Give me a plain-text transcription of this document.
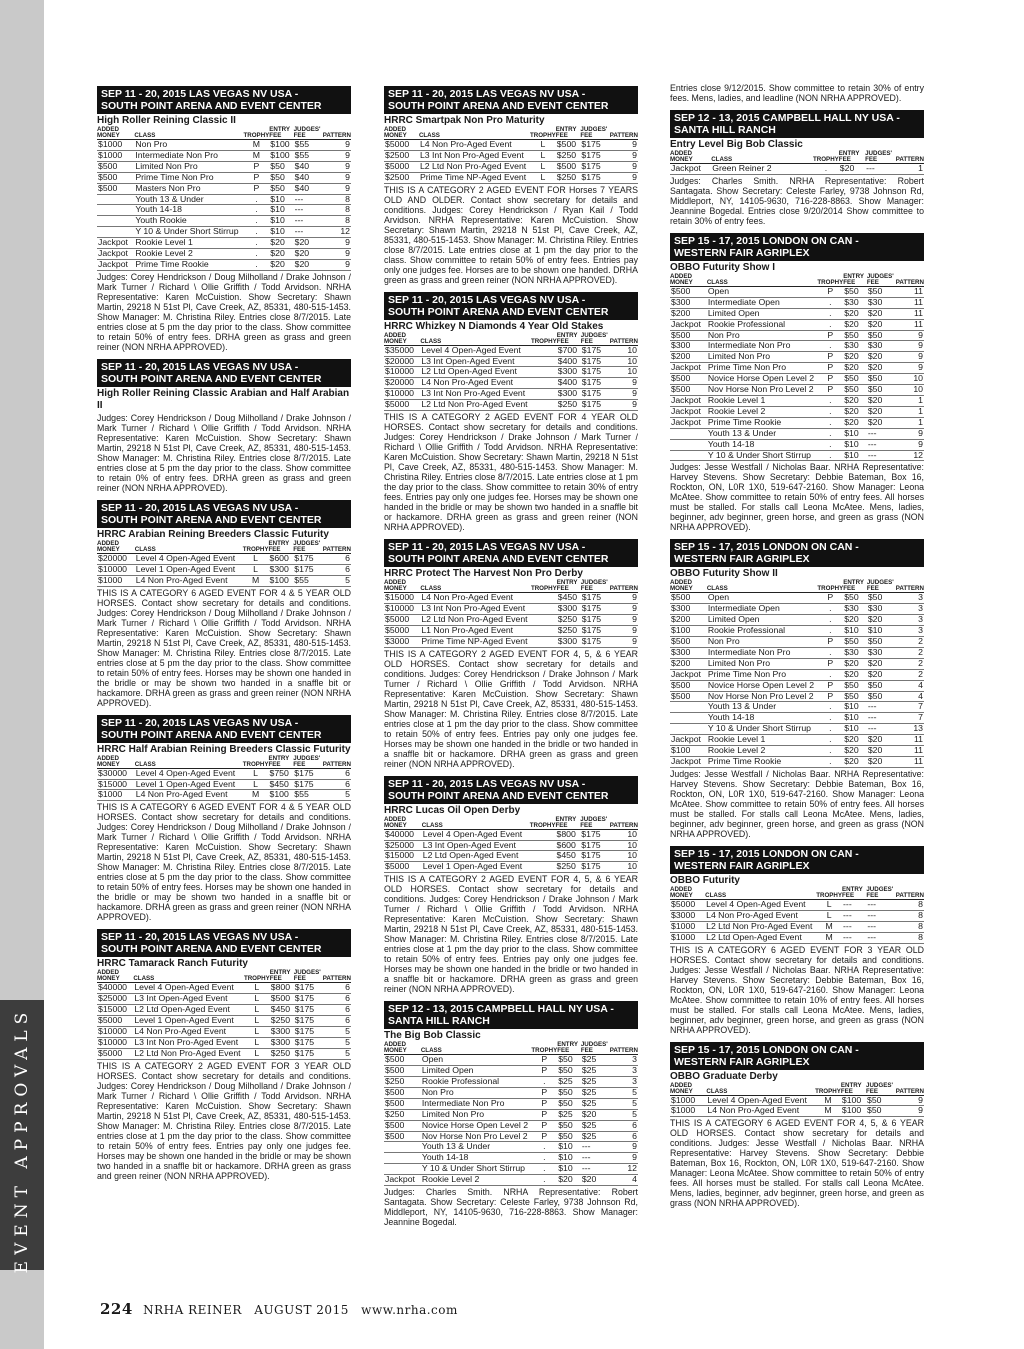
EVENT APPROVALS
SEP 11 - 20, 2015 LAS VEGAS NV USA -
SOUTH POINT ARENA AND EVENT CENTER
High Roller Reining Classic II
ADDED MONEY	CLASS	TROPHY	ENTRY FEE	JUDGES' FEE	PATTERN
$1000	Non Pro	M	$100	$55	9
$1000	Intermediate Non Pro	M	$100	$55	9
$500	Limited Non Pro	P	$50	$40	9
$500	Prime Time Non Pro	P	$50	$40	9
$500	Masters Non Pro	P	$50	$40	9
	Youth 13 & Under	.	$10	---	8
	Youth 14-18	.	$10	---	8
	Youth Rookie	.	$10	---	8
	Y 10 & Under Short Stirrup	.	$10	---	12
Jackpot	Rookie Level 1	.	$20	$20	9
Jackpot	Rookie Level 2	.	$20	$20	9
Jackpot	Prime Time Rookie	.	$20	$20	9
Judges: Corey Hendrickson / Doug Milholland / Drake Johnson / Mark Turner / Richard \ Ollie Griffith / Todd Arvidson. NRHA Representative: Karen McCuistion. Show Secretary: Shawn Martin, 29218 N 51st Pl, Cave Creek, AZ, 85331, 480-515-1453. Show Manager: M. Christina Riley. Entries close 8/7/2015. Late entries close at 5 pm the day prior to the class. Show committee to retain 50% of entry fees. DRHA green as grass and green reiner (NON NRHA APPROVED).
SEP 11 - 20, 2015 LAS VEGAS NV USA -
SOUTH POINT ARENA AND EVENT CENTER
High Roller Reining Classic Arabian and Half Arabian II
Judges: Corey Hendrickson / Doug Milholland / Drake Johnson / Mark Turner / Richard \ Ollie Griffith / Todd Arvidson. NRHA Representative: Karen McCuistion. Show Secretary: Shawn Martin, 29218 N 51st Pl, Cave Creek, AZ, 85331, 480-515-1453. Show Manager: M. Christina Riley. Entries close 8/7/2015. Late entries close at 5 pm the day prior to the class. Show committee to retain 0% of entry fees. DRHA green as grass and green reiner (NON NRHA APPROVED).
SEP 11 - 20, 2015 LAS VEGAS NV USA -
SOUTH POINT ARENA AND EVENT CENTER
HRRC Arabian Reining Breeders Classic Futurity
ADDED MONEY	CLASS	TROPHY	ENTRY FEE	JUDGES' FEE	PATTERN
$20000	Level 4 Open-Aged Event	L	$600	$175	6
$10000	Level 1 Open-Aged Event	L	$300	$175	6
$1000	L4 Non Pro-Aged Event	M	$100	$55	5
THIS IS A CATEGORY 6 AGED EVENT FOR 4 & 5 YEAR OLD HORSES. Contact show secretary for details and conditions. Judges: Corey Hendrickson / Doug Milholland / Drake Johnson / Mark Turner / Richard \ Ollie Griffith / Todd Arvidson. NRHA Representative: Karen McCuistion. Show Secretary: Shawn Martin, 29218 N 51st Pl, Cave Creek, AZ, 85331, 480-515-1453. Show Manager: M. Christina Riley. Entries close 8/7/2015. Late entries close at 5 pm the day prior to the class. Show committee to retain 50% of entry fees. Horses may be shown one handed in the bridle or may be shown two handed in a snaffle bit or hackamore. DRHA green as grass and green reiner (NON NRHA APPROVED).
SEP 11 - 20, 2015 LAS VEGAS NV USA -
SOUTH POINT ARENA AND EVENT CENTER
HRRC Half Arabian Reining Breeders Classic Futurity
ADDED MONEY	CLASS	TROPHY	ENTRY FEE	JUDGES' FEE	PATTERN
$30000	Level 4 Open-Aged Event	L	$750	$175	6
$15000	Level 1 Open-Aged Event	L	$450	$175	6
$1000	L4 Non Pro-Aged Event	M	$100	$55	5
THIS IS A CATEGORY 6 AGED EVENT FOR 4 & 5 YEAR OLD HORSES. Contact show secretary for details and conditions. Judges: Corey Hendrickson / Doug Milholland / Drake Johnson / Mark Turner / Richard \ Ollie Griffith / Todd Arvidson. NRHA Representative: Karen McCuistion. Show Secretary: Shawn Martin, 29218 N 51st Pl, Cave Creek, AZ, 85331, 480-515-1453. Show Manager: M. Christina Riley. Entries close 8/7/2015. Late entries close at 5 pm the day prior to the class. Show committee to retain 50% of entry fees. Horses may be shown one handed in the bridle or may be shown two handed in a snaffle bit or hackamore. DRHA green as grass and green reiner (NON NRHA APPROVED).
SEP 11 - 20, 2015 LAS VEGAS NV USA -
SOUTH POINT ARENA AND EVENT CENTER
HRRC Tamarack Ranch Futurity
ADDED MONEY	CLASS	TROPHY	ENTRY FEE	JUDGES' FEE	PATTERN
$40000	Level 4 Open-Aged Event	L	$800	$175	6
$25000	L3 Int Open-Aged Event	L	$500	$175	6
$15000	L2 Ltd Open-Aged Event	L	$450	$175	6
$5000	Level 1 Open-Aged Event	L	$250	$175	6
$10000	L4 Non Pro-Aged Event	L	$300	$175	5
$10000	L3 Int Non Pro-Aged Event	L	$300	$175	5
$5000	L2 Ltd Non Pro-Aged Event	L	$250	$175	5
THIS IS A CATEGORY 2 AGED EVENT FOR 3 YEAR OLD HORSES. Contact show secretary for details and conditions. Judges: Corey Hendrickson / Doug Milholland / Drake Johnson / Mark Turner / Richard \ Ollie Griffith / Todd Arvidson. NRHA Representative: Karen McCuistion. Show Secretary: Shawn Martin, 29218 N 51st Pl, Cave Creek, AZ, 85331, 480-515-1453. Show Manager: M. Christina Riley. Entries close 8/7/2015. Late entries close at 1 pm the day prior to the class. Show committee to retain 50% of entry fees. Entries pay only one judges fee. Horses may be shown one handed in the bridle or may be shown two handed in a snaffle bit or hackamore. DRHA green as grass and green reiner (NON NRHA APPROVED).
SEP 11 - 20, 2015 LAS VEGAS NV USA -
SOUTH POINT ARENA AND EVENT CENTER
HRRC Smartpak Non Pro Maturity
ADDED MONEY	CLASS	TROPHY	ENTRY FEE	JUDGES' FEE	PATTERN
$5000	L4 Non Pro-Aged Event	L	$500	$175	9
$2500	L3 Int Non Pro-Aged Event	L	$250	$175	9
$5000	L2 Ltd Non Pro-Aged Event	L	$500	$175	9
$2500	Prime Time NP-Aged Event	L	$250	$175	9
THIS IS A CATEGORY 2 AGED EVENT FOR Horses 7 YEARS OLD AND OLDER. Contact show secretary for details and conditions. Judges: Corey Hendrickson / Ryan Kail / Todd Arvidson. NRHA Representative: Karen McCuistion. Show Secretary: Shawn Martin, 29218 N 51st Pl, Cave Creek, AZ, 85331, 480-515-1453. Show Manager: M. Christina Riley. Entries close 8/7/2015. Late entries close at 1 pm the day prior to the class. Show committee to retain 50% of entry fees. Entries pay only one judges fee. Horses are to be shown one handed. DRHA green as grass and green reiner (NON NRHA APPROVED).
SEP 11 - 20, 2015 LAS VEGAS NV USA -
SOUTH POINT ARENA AND EVENT CENTER
HRRC Whizkey N Diamonds 4 Year Old Stakes
ADDED MONEY	CLASS	TROPHY	ENTRY FEE	JUDGES' FEE	PATTERN
$35000	Level 4 Open-Aged Event		$700	$175	10
$20000	L3 Int Open-Aged Event		$400	$175	10
$10000	L2 Ltd Open-Aged Event		$300	$175	10
$20000	L4 Non Pro-Aged Event		$400	$175	9
$10000	L3 Int Non Pro-Aged Event		$300	$175	9
$5000	L2 Ltd Non Pro-Aged Event		$250	$175	9
THIS IS A CATEGORY 2 AGED EVENT FOR 4 YEAR OLD HORSES. Contact show secretary for details and conditions. Judges: Corey Hendrickson / Drake Johnson / Mark Turner / Richard \ Ollie Griffith / Todd Arvidson. NRHA Representative: Karen McCuistion. Show Secretary: Shawn Martin, 29218 N 51st Pl, Cave Creek, AZ, 85331, 480-515-1453. Show Manager: M. Christina Riley. Entries close 8/7/2015. Late entries close at 1 pm the day prior to the class. Show committee to retain 30% of entry fees. Entries pay only one judges fee. Horses may be shown one handed in the bridle or may be shown two handed in a snaffle bit or hackamore. DRHA green as grass and green reiner (NON NRHA APPROVED).
SEP 11 - 20, 2015 LAS VEGAS NV USA -
SOUTH POINT ARENA AND EVENT CENTER
HRRC Protect The Harvest Non Pro Derby
ADDED MONEY	CLASS	TROPHY	ENTRY FEE	JUDGES' FEE	PATTERN
$15000	L4 Non Pro-Aged Event		$450	$175	9
$10000	L3 Int Non Pro-Aged Event		$300	$175	9
$5000	L2 Ltd Non Pro-Aged Event		$250	$175	9
$5000	L1 Non Pro-Aged Event		$250	$175	9
$3000	Prime Time NP-Aged Event		$300	$175	9
THIS IS A CATEGORY 2 AGED EVENT FOR 4, 5, & 6 YEAR OLD HORSES. Contact show secretary for details and conditions. Judges: Corey Hendrickson / Drake Johnson / Mark Turner / Richard \ Ollie Griffith / Todd Arvidson. NRHA Representative: Karen McCuistion. Show Secretary: Shawn Martin, 29218 N 51st Pl, Cave Creek, AZ, 85331, 480-515-1453. Show Manager: M. Christina Riley. Entries close 8/7/2015. Late entries close at 1 pm the day prior to the class. Show committee to retain 50% of entry fees. Entries pay only one judges fee. Horses may be shown one handed in the bridle or two handed in a snaffle bit or hackamore. DRHA green as grass and green reiner (NON NRHA APPROVED).
SEP 11 - 20, 2015 LAS VEGAS NV USA -
SOUTH POINT ARENA AND EVENT CENTER
HRRC Lucas Oil Open Derby
ADDED MONEY	CLASS	TROPHY	ENTRY FEE	JUDGES' FEE	PATTERN
$40000	Level 4 Open-Aged Event		$800	$175	10
$25000	L3 Int Open-Aged Event		$600	$175	10
$15000	L2 Ltd Open-Aged Event		$450	$175	10
$5000	Level 1 Open-Aged Event		$250	$175	10
THIS IS A CATEGORY 2 AGED EVENT FOR 4, 5, & 6 YEAR OLD HORSES. Contact show secretary for details and conditions. Judges: Corey Hendrickson / Drake Johnson / Mark Turner / Richard \ Ollie Griffith / Todd Arvidson. NRHA Representative: Karen McCuistion. Show Secretary: Shawn Martin, 29218 N 51st Pl, Cave Creek, AZ, 85331, 480-515-1453. Show Manager: M. Christina Riley. Entries close 8/7/2015. Late entries close at 1 pm the day prior to the class. Show committee to retain 50% of entry fees. Entries pay only one judges fee. Horses may be shown one handed in the bridle or two handed in a snaffle bit or hackamore. DRHA green as grass and green reiner (NON NRHA APPROVED).
SEP 12 - 13, 2015 CAMPBELL HALL NY USA -
SANTA HILL RANCH
The Big Bob Classic
ADDED MONEY	CLASS	TROPHY	ENTRY FEE	JUDGES' FEE	PATTERN
$500	Open	P	$50	$25	3
$500	Limited Open	P	$50	$25	3
$250	Rookie Professional	.	$25	$25	3
$500	Non Pro	P	$50	$25	5
$500	Intermediate Non Pro	P	$50	$25	5
$250	Limited Non Pro	P	$25	$20	5
$500	Novice Horse Open Level 2	P	$50	$25	6
$500	Nov Horse Non Pro Level 2	P	$50	$25	6
	Youth 13 & Under	.	$10	---	9
	Youth 14-18	.	$10	---	9
	Y 10 & Under Short Stirrup	.	$10	---	12
Jackpot	Rookie Level 2	.	$20	$20	4
Judges: Charles Smith. NRHA Representative: Robert Santagata. Show Secretary: Celeste Farley, 9738 Johnson Rd, Middleport, NY, 14105-9630, 716-228-8863. Show Manager: Jeannine Bogedal.
Entries close 9/12/2015. Show committee to retain 30% of entry fees. Mens, ladies, and leadline (NON NRHA APPROVED).
SEP 12 - 13, 2015 CAMPBELL HALL NY USA -
SANTA HILL RANCH
Entry Level Big Bob Classic
ADDED MONEY	CLASS	TROPHY	ENTRY FEE	JUDGES' FEE	PATTERN
Jackpot	Green Reiner 2	.	$20	---	1
Judges: Charles Smith. NRHA Representative: Robert Santagata. Show Secretary: Celeste Farley, 9738 Johnson Rd, Middleport, NY, 14105-9630, 716-228-8863. Show Manager: Jeannine Bogedal. Entries close 9/20/2014 Show committee to retain 30% of entry fees.
SEP 15 - 17, 2015 LONDON ON CAN -
WESTERN FAIR AGRIPLEX
OBBO Futurity Show I
ADDED MONEY	CLASS	TROPHY	ENTRY FEE	JUDGES' FEE	PATTERN
$500	Open	P	$50	$50	11
$300	Intermediate Open	.	$30	$30	11
$200	Limited Open	.	$20	$20	11
Jackpot	Rookie Professional	.	$20	$20	11
$500	Non Pro	P	$50	$50	9
$300	Intermediate Non Pro	.	$30	$30	9
$200	Limited Non Pro	P	$20	$20	9
Jackpot	Prime Time Non Pro	P	$20	$20	9
$500	Novice Horse Open Level 2	P	$50	$50	10
$500	Nov Horse Non Pro Level 2	P	$50	$50	10
Jackpot	Rookie Level 1	.	$20	$20	1
Jackpot	Rookie Level 2	.	$20	$20	1
Jackpot	Prime Time Rookie	.	$20	$20	1
	Youth 13 & Under	.	$10	---	9
	Youth 14-18	.	$10	---	9
	Y 10 & Under Short Stirrup	.	$10	---	12
Judges: Jesse Westfall / Nicholas Baar. NRHA Representative: Harvey Stevens. Show Secretary: Debbie Bateman, Box 16, Rockton, ON, L0R 1X0, 519-647-2160. Show Manager: Leona McAtee. Show committee to retain 50% of entry fees. All horses must be stalled. For stalls call Leona McAtee. Mens, ladies, beginner, adv beginner, green horse, and green as grass (NON NRHA APPROVED).
SEP 15 - 17, 2015 LONDON ON CAN -
WESTERN FAIR AGRIPLEX
OBBO Futurity Show II
ADDED MONEY	CLASS	TROPHY	ENTRY FEE	JUDGES' FEE	PATTERN
$500	Open	P	$50	$50	3
$300	Intermediate Open	.	$30	$30	3
$200	Limited Open	.	$20	$20	3
$100	Rookie Professional	.	$10	$10	3
$500	Non Pro	P	$50	$50	2
$300	Intermediate Non Pro	.	$30	$30	2
$200	Limited Non Pro	P	$20	$20	2
Jackpot	Prime Time Non Pro	.	$20	$20	2
$500	Novice Horse Open Level 2	P	$50	$50	4
$500	Nov Horse Non Pro Level 2	P	$50	$50	4
	Youth 13 & Under	.	$10	---	7
	Youth 14-18	.	$10	---	7
	Y 10 & Under Short Stirrup	.	$10	---	13
Jackpot	Rookie Level 1	.	$20	$20	11
$100	Rookie Level 2	.	$20	$20	11
Jackpot	Prime Time Rookie	.	$20	$20	11
Judges: Jesse Westfall / Nicholas Baar. NRHA Representative: Harvey Stevens. Show Secretary: Debbie Bateman, Box 16, Rockton, ON, L0R 1X0, 519-647-2160. Show Manager: Leona McAtee. Show committee to retain 50% of entry fees. All horses must be stalled. For stalls call Leona McAtee. Mens, ladies, beginner, adv beginner, green horse, and green as grass (NON NRHA APPROVED).
SEP 15 - 17, 2015 LONDON ON CAN -
WESTERN FAIR AGRIPLEX
OBBO Futurity
ADDED MONEY	CLASS	TROPHY	ENTRY FEE	JUDGES' FEE	PATTERN
$5000	Level 4 Open-Aged Event	L	---	---	8
$3000	L4 Non Pro-Aged Event	L	---	---	8
$1000	L2 Ltd Non Pro-Aged Event	M	---	---	8
$1000	L2 Ltd Open-Aged Event	M	---	---	8
THIS IS A CATEGORY 6 AGED EVENT FOR 3 YEAR OLD HORSES. Contact show secretary for details and conditions. Judges: Jesse Westfall / Nicholas Baar. NRHA Representative: Harvey Stevens. Show Secretary: Debbie Bateman, Box 16, Rockton, ON, L0R 1X0, 519-647-2160. Show Manager: Leona McAtee. Show committee to retain 10% of entry fees. All horses must be stalled. For stalls call Leona McAtee. Mens, ladies, beginner, adv beginner, green horse, and green as grass (NON NRHA APPROVED).
SEP 15 - 17, 2015 LONDON ON CAN -
WESTERN FAIR AGRIPLEX
OBBO Graduate Derby
ADDED MONEY	CLASS	TROPHY	ENTRY FEE	JUDGES' FEE	PATTERN
$1000	Level 4 Open-Aged Event	M	$100	$50	9
$1000	L4 Non Pro-Aged Event	M	$100	$50	9
THIS IS A CATEGORY 6 AGED EVENT FOR 4, 5, & 6 YEAR OLD HORSES. Contact show secretary for details and conditions. Judges: Jesse Westfall / Nicholas Baar. NRHA Representative: Harvey Stevens. Show Secretary: Debbie Bateman, Box 16, Rockton, ON, L0R 1X0, 519-647-2160. Show Manager: Leona McAtee. Show committee to retain 50% of entry fees. All horses must be stalled. For stalls call Leona McAtee. Mens, ladies, beginner, adv beginner, green horse, and green as grass (NON NRHA APPROVED).
224 NRHA REINER AUGUST 2015 www.nrha.com
